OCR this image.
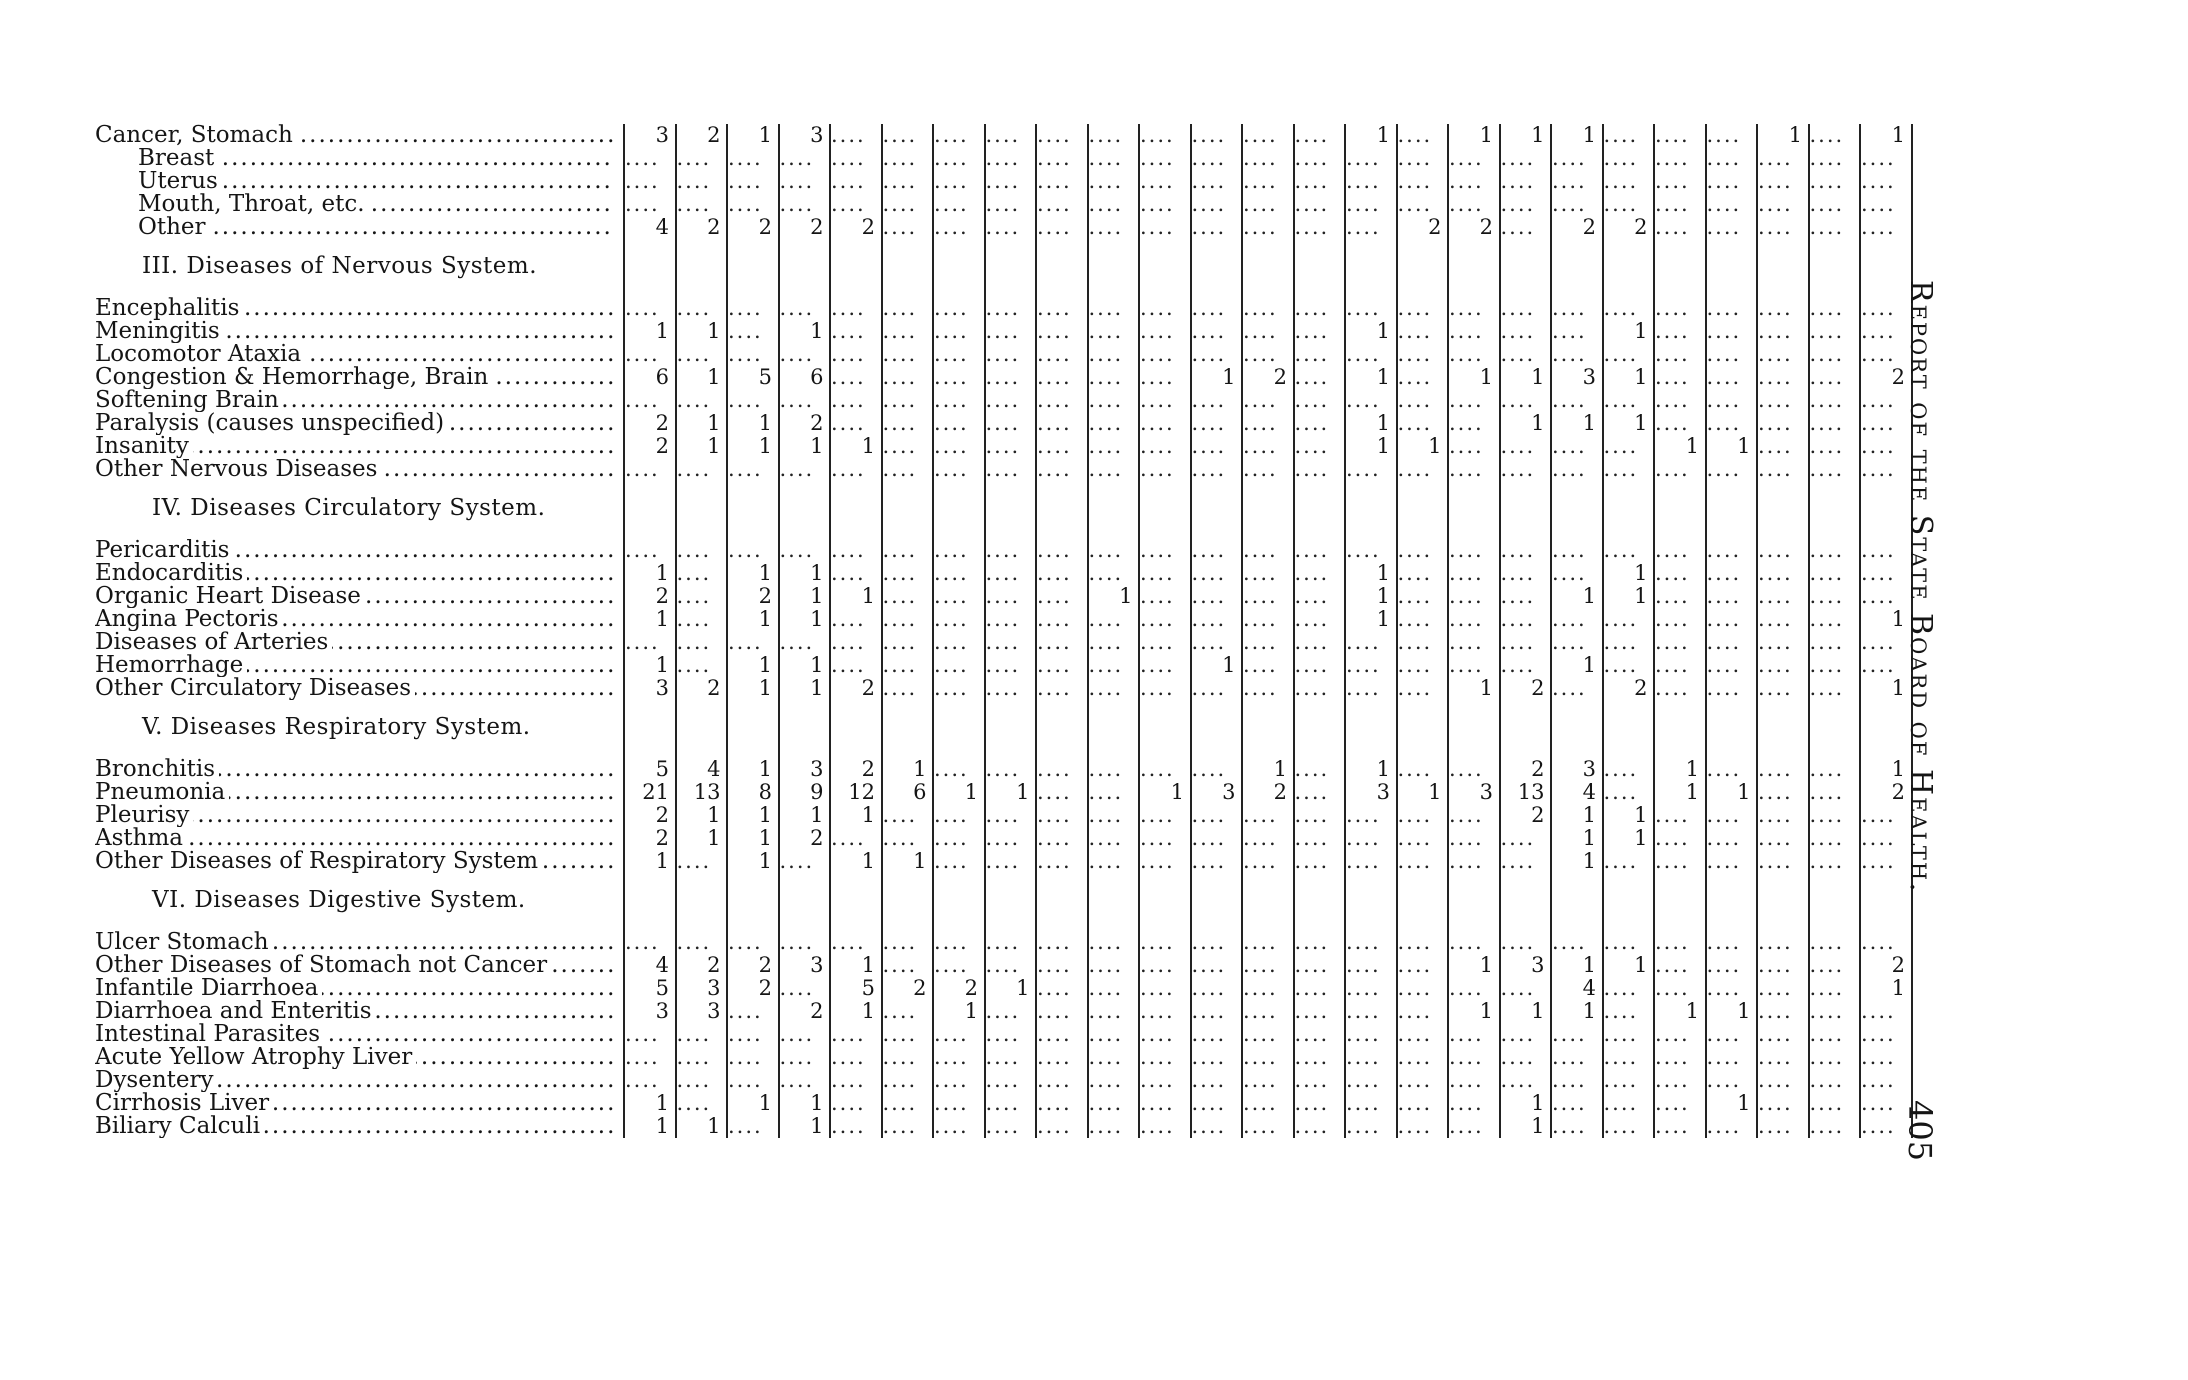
Cancer, Stomach .....	3	2	1	3 .... .... .... .... .... .... .... .... .... ....	1 ....	1	1	1 .... .... ....	1 ....	1
Breast .....	.... .... .... .... .... .... .... .... .... .... .... .... .... .... .... .... .... .... .... .... .... .... .... .... ....
Uterus .....	.... .... .... .... .... .... .... .... .... .... .... .... .... .... .... .... .... .... .... .... .... .... .... .... ....
Mouth, Throat, etc. .....	.... .... .... .... .... .... .... .... .... .... .... .... .... .... .... .... .... .... .... .... .... .... .... .... ....
Other .....	4	2	2	2	2 .... .... .... .... .... .... .... .... .... ....	2	2 ....	2	2 .... .... .... .... ....
III. Diseases of Nervous System.
Encephalitis .....	.... .... .... .... .... .... .... .... .... .... .... .... .... .... .... .... .... .... .... .... .... .... .... .... ....
Meningitis .....	1	1 ....	1 .... .... .... .... .... .... .... .... .... ....	1 .... .... .... ....	1 .... .... .... .... ....
Locomotor Ataxia .....	.... .... .... .... .... .... .... .... .... .... .... .... .... .... .... .... .... .... .... .... .... .... .... .... ....
Congestion & Hemorrhage, Brain .....	6	1	5	6 .... .... .... .... .... .... ....	1	2 ....	1 ....	1	1	3	1 .... .... .... ....	2
Softening Brain .....	.... .... .... .... .... .... .... .... .... .... .... .... .... .... .... .... .... .... .... .... .... .... .... .... ....
Paralysis (causes unspecified) .....	2	1	1	2 .... .... .... .... .... .... .... .... .... ....	1 .... ....	1	1	1 .... .... .... .... ....
Insanity .....	2	1	1	1	1 .... .... .... .... .... .... .... .... ....	1	1 .... .... .... ....	1	1 .... .... ....
Other Nervous Diseases .....	.... .... .... .... .... .... .... .... .... .... .... .... .... .... .... .... .... .... .... .... .... .... .... .... ....
IV. Diseases Circulatory System.
Pericarditis .....	.... .... .... .... .... .... .... .... .... .... .... .... .... .... .... .... .... .... .... .... .... .... .... .... ....
Endocarditis .....	1 ....	1	1 .... .... .... .... .... .... .... .... .... ....	1 .... .... .... ....	1 .... .... .... .... ....
Organic Heart Disease .....	2 ....	2	1	1 .... .... .... ....	1 .... .... .... ....	1 .... .... ....	1	1 .... .... .... .... ....
Angina Pectoris .....	1 ....	1	1 .... .... .... .... .... .... .... .... .... ....	1 .... .... .... .... .... .... .... .... ....	1
Diseases of Arteries .....	.... .... .... .... .... .... .... .... .... .... .... .... .... .... .... .... .... .... .... .... .... .... .... .... ....
Hemorrhage .....	1 ....	1	1 .... .... .... .... .... .... ....	1 .... .... .... .... .... ....	1 .... .... .... .... .... ....
Other Circulatory Diseases .....	3	2	1	1	2 .... .... .... .... .... .... .... .... .... .... ....	1	2 ....	2 .... .... .... ....	1
V. Diseases Respiratory System.
Bronchitis .....	5	4	1	3	2	1 .... .... .... .... .... ....	1 ....	1 .... ....	2	3 ....	1 .... .... ....	1
Pneumonia .....	21	13	8	9	12	6	1	1 .... ....	1	3	2 ....	3	1	3	13	4 ....	1	1 .... ....	2
Pleurisy .....	2	1	1	1	1 .... .... .... .... .... .... .... .... .... .... .... ....	2	1	1 .... .... .... .... ....
Asthma .....	2	1	1	2 .... .... .... .... .... .... .... .... .... .... .... .... .... ....	1	1 .... .... .... .... ....
Other Diseases of Respiratory System .....	1 ....	1 ....	1	1 .... .... .... .... .... .... .... .... .... .... .... ....	1 .... .... .... .... .... ....
VI. Diseases Digestive System.
Ulcer Stomach .....	.... .... .... .... .... .... .... .... .... .... .... .... .... .... .... .... .... .... .... .... .... .... .... .... ....
Other Diseases of Stomach not Cancer .....	4	2	2	3	1 .... .... .... .... .... .... .... .... .... .... ....	1	3	1	1 .... .... .... ....	2
Infantile Diarrhoea .....	5	3	2 ....	5	2	2	1 .... .... .... .... .... .... .... .... .... ....	4 .... .... .... .... ....	1
Diarrhoea and Enteritis .....	3	3 ....	2	1 ....	1 .... .... .... .... .... .... .... .... ....	1	1	1 ....	1	1 .... .... ....
Intestinal Parasites .....	.... .... .... .... .... .... .... .... .... .... .... .... .... .... .... .... .... .... .... .... .... .... .... .... ....
Acute Yellow Atrophy Liver .....	.... .... .... .... .... .... .... .... .... .... .... .... .... .... .... .... .... .... .... .... .... .... .... .... ....
Dysentery .....	.... .... .... .... .... .... .... .... .... .... .... .... .... .... .... .... .... .... .... .... .... .... .... .... ....
Cirrhosis Liver .....	1 ....	1	1 .... .... .... .... .... .... .... .... .... .... .... .... ....	1 .... .... ....	1 .... .... ....
Biliary Calculi .....	1	1 ....	1 .... .... .... .... .... .... .... .... .... .... .... .... ....	1 .... .... .... .... .... .... ....
Report of the State Board of Health.
405
